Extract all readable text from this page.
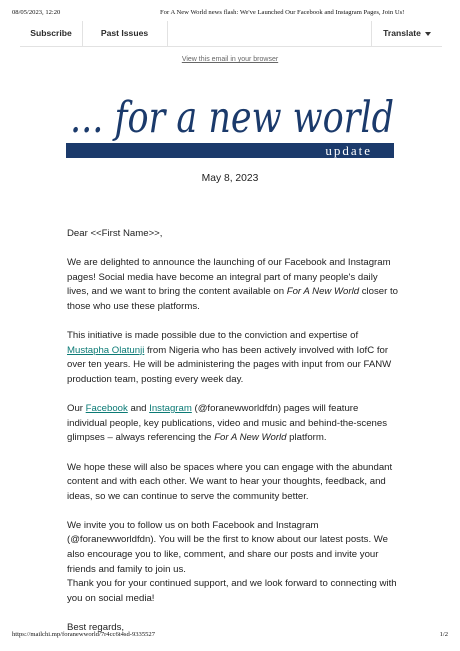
08/05/2023, 12:20	For A New World news flash: We've Launched Our Facebook and Instagram Pages, Join Us!
Subscribe	Past Issues	Translate
View this email in your browser
... for a new world
update
May 8, 2023

Dear <<First Name>>,

We are delighted to announce the launching of our Facebook and Instagram pages! Social media have become an integral part of many people's daily lives, and we want to bring the content available on For A New World closer to those who use these platforms.

This initiative is made possible due to the conviction and expertise of Mustapha Olatunji from Nigeria who has been actively involved with IofC for over ten years. He will be administering the pages with input from our FANW production team, posting every week day.

Our Facebook and Instagram (@foranewworldfdn) pages will feature individual people, key publications, video and music and behind-the-scenes glimpses – always referencing the For A New World platform.

We hope these will also be spaces where you can engage with the abundant content and with each other. We want to hear your thoughts, feedback, and ideas, so we can continue to serve the community better.

We invite you to follow us on both Facebook and Instagram (@foranewworldfdn). You will be the first to know about our latest posts. We also encourage you to like, comment, and share our posts and invite your friends and family to join us.

Thank you for your continued support, and we look forward to connecting with you on social media!

Best regards,

https://mailchi.mp/foranewworld/7r4cc6t4sd-9335527	1/2
